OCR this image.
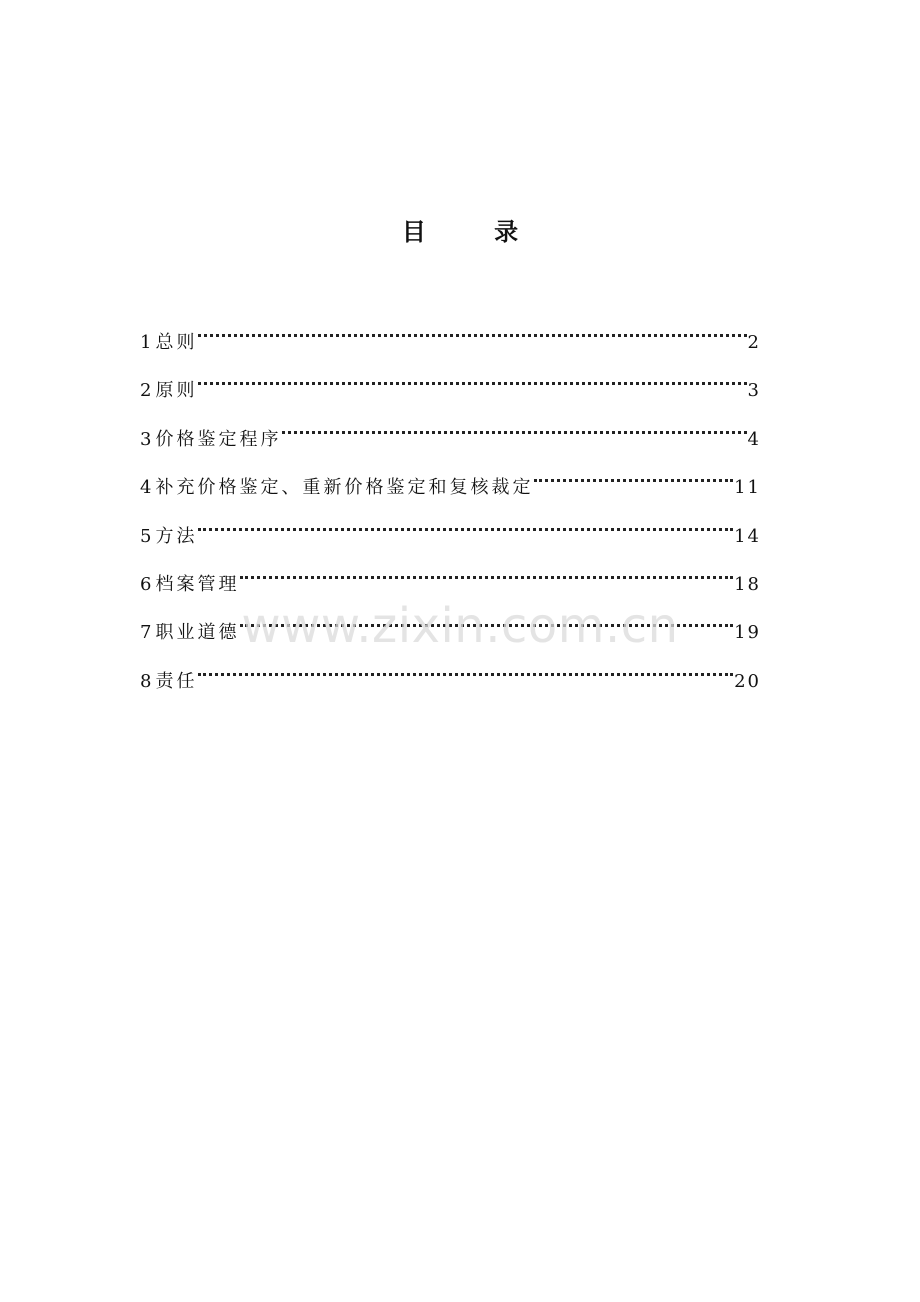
目 录
1 总则	2
2 原则	3
3 价格鉴定程序	4
4 补充价格鉴定、重新价格鉴定和复核裁定	11
5 方法	14
6 档案管理	18
7 职业道德	19
8 责任	20
www.zixin.com.cn
